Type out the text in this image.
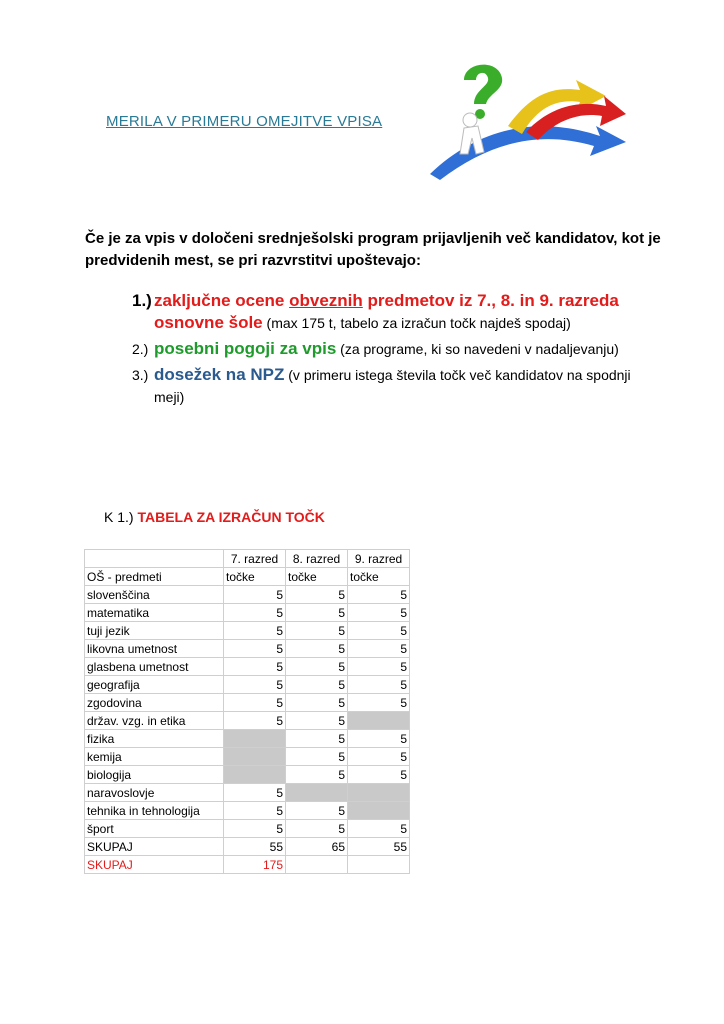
MERILA V PRIMERU OMEJITVE VPISA
Če je za vpis v določeni srednješolski program prijavljenih več kandidatov, kot je predvidenih mest, se pri razvrstitvi upoštevajo:
1.) zaključne ocene obveznih predmetov iz 7., 8. in 9. razreda osnovne šole (max 175 t, tabelo za izračun točk najdeš spodaj)
2.) posebni pogoji za vpis (za programe, ki so navedeni v nadaljevanju)
3.) dosežek na NPZ (v primeru istega števila točk več kandidatov na spodnji meji)
K 1.) TABELA ZA IZRAČUN TOČK
	7. razred	8. razred	9. razred
OŠ - predmeti	točke	točke	točke
slovenščina	5	5	5
matematika	5	5	5
tuji jezik	5	5	5
likovna umetnost	5	5	5
glasbena umetnost	5	5	5
geografija	5	5	5
zgodovina	5	5	5
držav. vzg. in etika	5	5	
fizika		5	5
kemija		5	5
biologija		5	5
naravoslovje	5		
tehnika in tehnologija	5	5	
šport	5	5	5
SKUPAJ	55	65	55
SKUPAJ	175		
